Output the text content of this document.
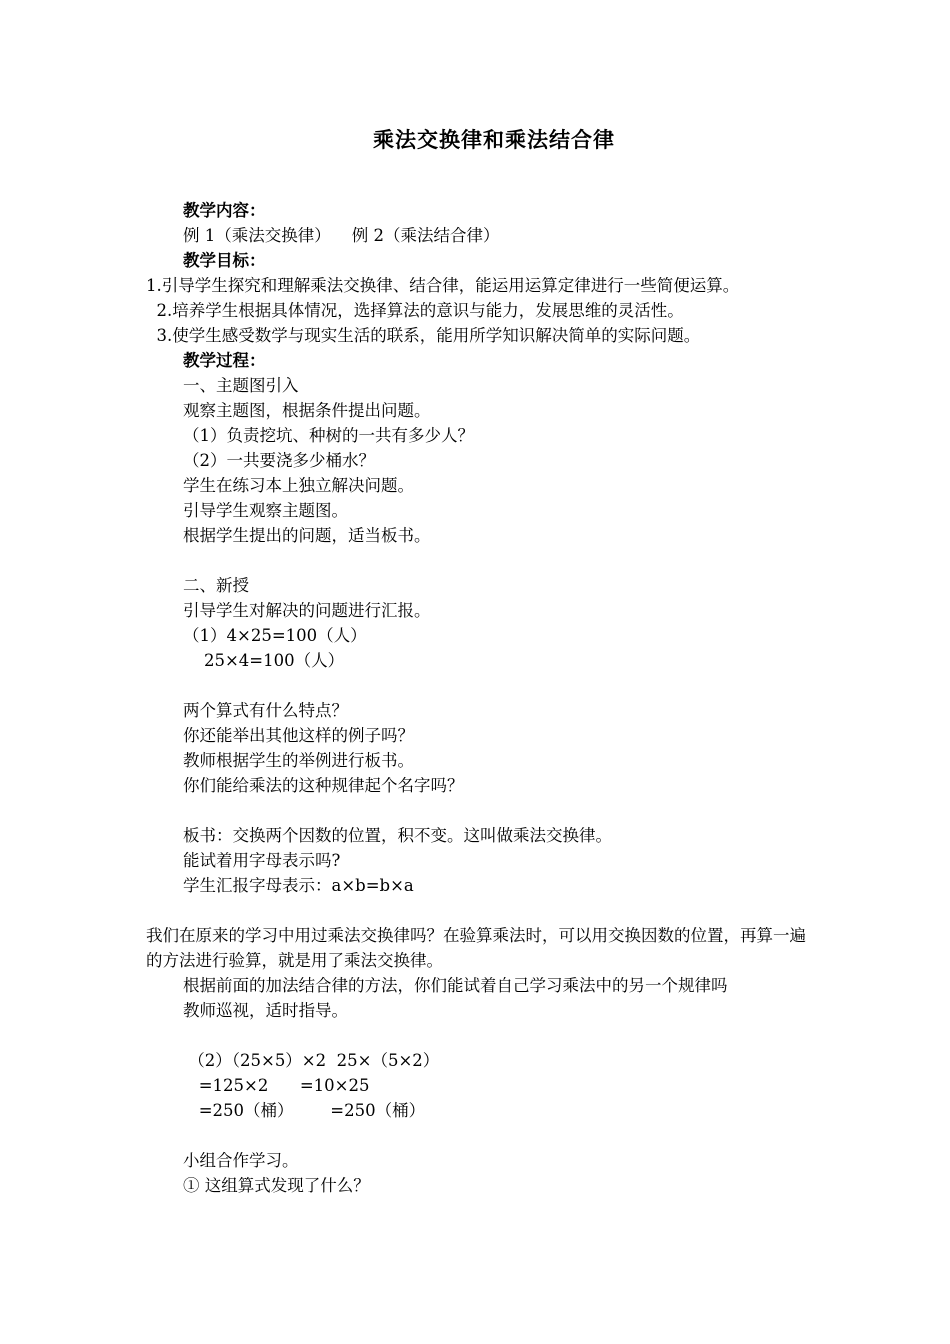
乘法交换律和乘法结合律
教学内容：
例 1（乘法交换律）    例 2（乘法结合律）
教学目标：
1.引导学生探究和理解乘法交换律、结合律，能运用运算定律进行一些简便运算。
2.培养学生根据具体情况，选择算法的意识与能力，发展思维的灵活性。
3.使学生感受数学与现实生活的联系，能用所学知识解决简单的实际问题。
教学过程：
一、主题图引入
观察主题图，根据条件提出问题。
（1）负责挖坑、种树的一共有多少人？
（2）一共要浇多少桶水？
学生在练习本上独立解决问题。
引导学生观察主题图。
根据学生提出的问题，适当板书。
二、新授
引导学生对解决的问题进行汇报。
（1）4×25=100（人）
25×4=100（人）
两个算式有什么特点？
你还能举出其他这样的例子吗？
教师根据学生的举例进行板书。
你们能给乘法的这种规律起个名字吗？
板书：交换两个因数的位置，积不变。这叫做乘法交换律。
能试着用字母表示吗?
学生汇报字母表示：a×b=b×a
我们在原来的学习中用过乘法交换律吗？在验算乘法时，可以用交换因数的位置，再算一遍的方法进行验算，就是用了乘法交换律。
根据前面的加法结合律的方法，你们能试着自己学习乘法中的另一个规律吗
教师巡视，适时指导。
（2）（25×5）×2  25×（5×2）
=125×2      =10×25
=250（桶）       =250（桶）
小组合作学习。
① 这组算式发现了什么？
